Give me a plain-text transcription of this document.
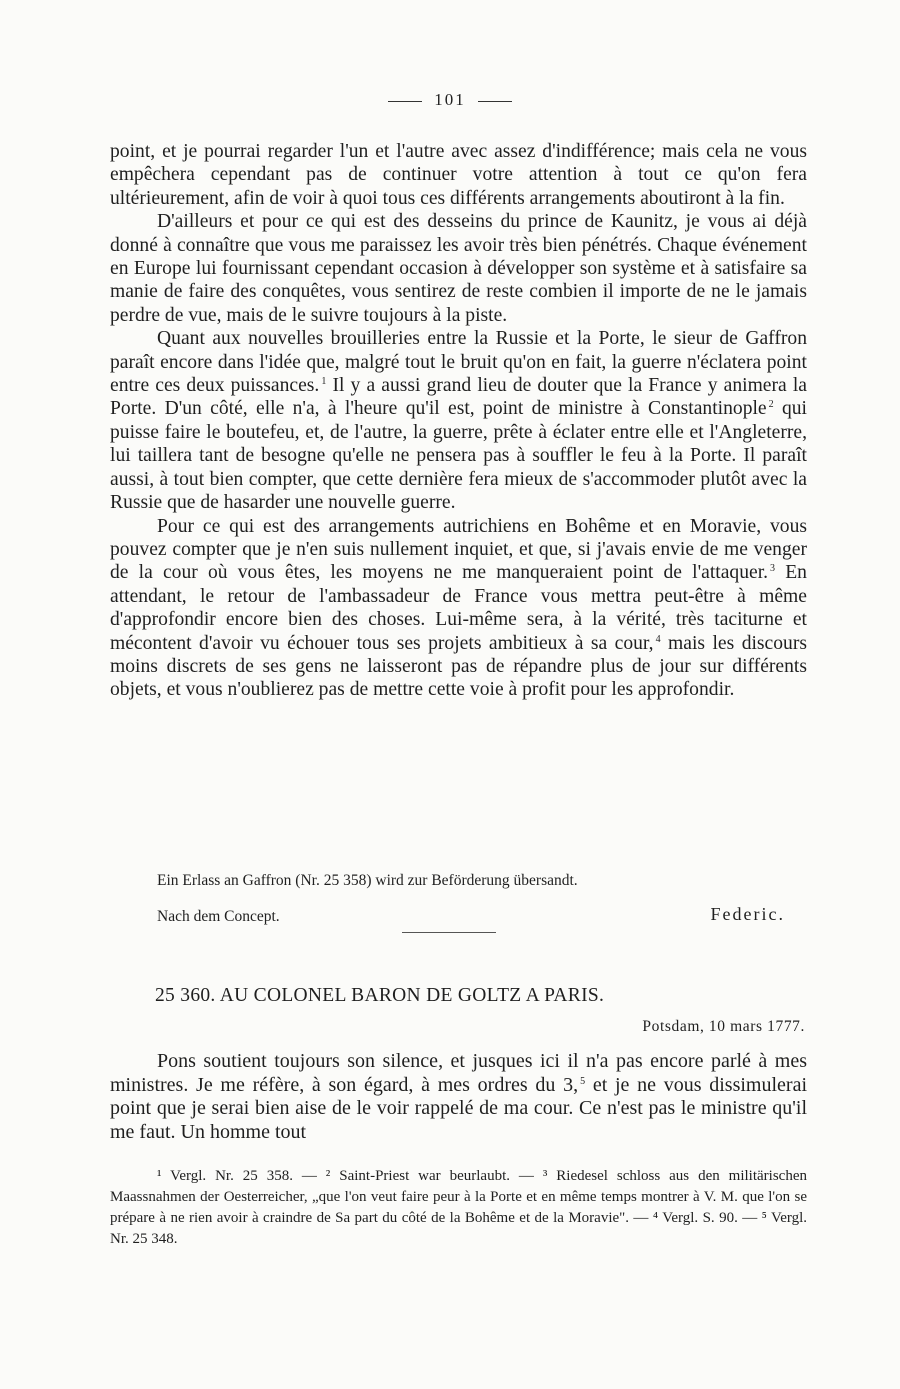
101

point, et je pourrai regarder l'un et l'autre avec assez d'indifférence; mais cela ne vous empêchera cependant pas de continuer votre attention à tout ce qu'on fera ultérieurement, afin de voir à quoi tous ces différents arrangements aboutiront à la fin.

D'ailleurs et pour ce qui est des desseins du prince de Kaunitz, je vous ai déjà donné à connaître que vous me paraissez les avoir très bien pénétrés. Chaque événement en Europe lui fournissant cependant occasion à développer son système et à satisfaire sa manie de faire des conquêtes, vous sentirez de reste combien il importe de ne le jamais perdre de vue, mais de le suivre toujours à la piste.

Quant aux nouvelles brouilleries entre la Russie et la Porte, le sieur de Gaffron paraît encore dans l'idée que, malgré tout le bruit qu'on en fait, la guerre n'éclatera point entre ces deux puissances. $^1$ Il y a aussi grand lieu de douter que la France y animera la Porte. D'un côté, elle n'a, à l'heure qu'il est, point de ministre à Constantinople $^2$ qui puisse faire le boutefeu, et, de l'autre, la guerre, prête à éclater entre elle et l'Angleterre, lui taillera tant de besogne qu'elle ne pensera pas à souffler le feu à la Porte. Il paraît aussi, à tout bien compter, que cette dernière fera mieux de s'accommoder plutôt avec la Russie que de hasarder une nouvelle guerre.

Pour ce qui est des arrangements autrichiens en Bohême et en Moravie, vous pouvez compter que je n'en suis nullement inquiet, et que, si j'avais envie de me venger de la cour où vous êtes, les moyens ne me manqueraient point de l'attaquer. $^3$ En attendant, le retour de l'ambassadeur de France vous mettra peut-être à même d'approfondir encore bien des choses. Lui-même sera, à la vérité, très taciturne et mécontent d'avoir vu échouer tous ses projets ambitieux à sa cour, $^4$ mais les discours moins discrets de ses gens ne laisseront pas de répandre plus de jour sur différents objets, et vous n'oublierez pas de mettre cette voie à profit pour les approfondir.

Ein Erlass an Gaffron (Nr. 25 358) wird zur Beförderung übersandt.
Nach dem Concept.	Federic.
25 360. AU COLONEL BARON DE GOLTZ A PARIS.
Potsdam, 10 mars 1777.

Pons soutient toujours son silence, et jusques ici il n'a pas encore parlé à mes ministres. Je me réfère, à son égard, à mes ordres du 3, $^5$ et je ne vous dissimulerai point que je serai bien aise de le voir rappelé de ma cour. Ce n'est pas le ministre qu'il me faut. Un homme tout

¹ Vergl. Nr. 25 358. — ² Saint-Priest war beurlaubt. — ³ Riedesel schloss aus den militärischen Maassnahmen der Oesterreicher, „que l'on veut faire peur à la Porte et en même temps montrer à V. M. que l'on se prépare à ne rien avoir à craindre de Sa part du côté de la Bohême et de la Moravie". — ⁴ Vergl. S. 90. — ⁵ Vergl. Nr. 25 348.
